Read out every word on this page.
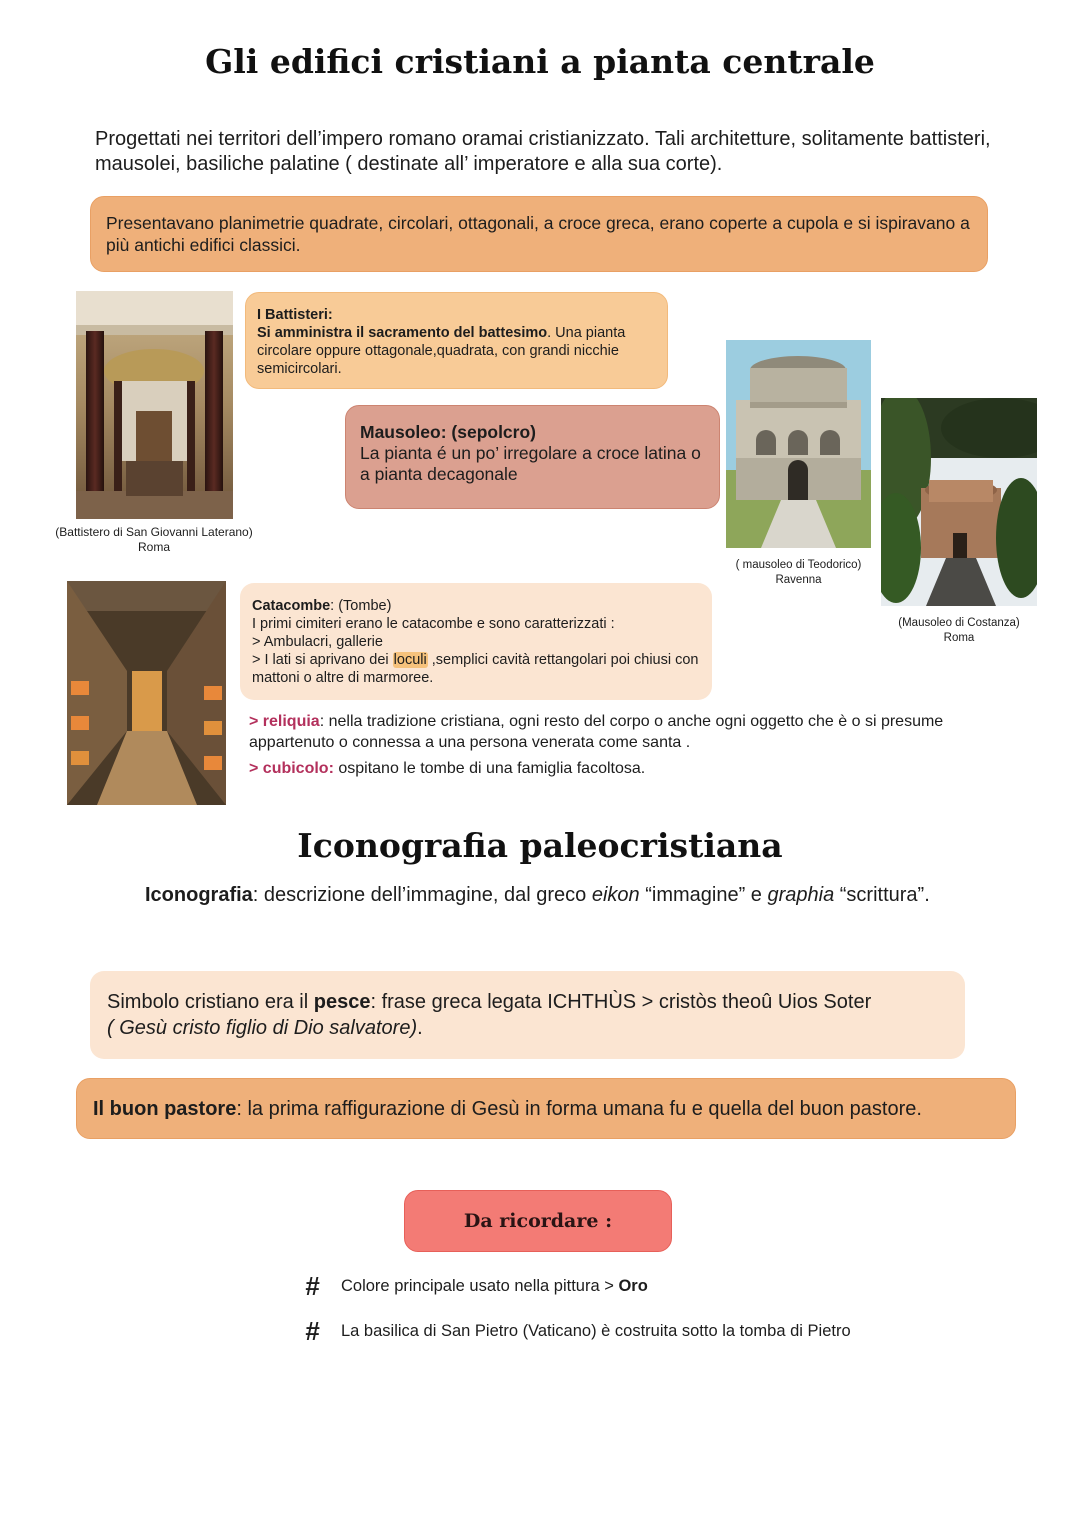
Gli edifici cristiani a pianta centrale
Progettati nei territori dell’impero romano oramai cristianizzato. Tali architetture, solitamente battisteri, mausolei, basiliche palatine ( destinate all’ imperatore e alla sua corte).
Presentavano planimetrie quadrate, circolari, ottagonali, a croce greca, erano coperte a cupola e si ispiravano a più antichi edifici classici.
(Battistero di San Giovanni Laterano)
Roma
I Battisteri:
Si amministra il sacramento del battesimo. Una pianta circolare oppure ottagonale,quadrata, con grandi nicchie semicircolari.
Mausoleo: (sepolcro)
La pianta é un po’ irregolare a croce latina o a pianta decagonale
( mausoleo di Teodorico)
Ravenna
(Mausoleo di Costanza)
Roma
Catacombe: (Tombe)
I primi cimiteri erano le catacombe e sono caratterizzati :
> Ambulacri, gallerie
> I lati si aprivano dei loculi ,semplici cavità rettangolari poi chiusi con mattoni o altre di marmoree.
> reliquia: nella tradizione cristiana, ogni resto del corpo o anche ogni oggetto che è o si presume appartenuto o connessa a una persona venerata come santa .
> cubicolo: ospitano le tombe di una famiglia facoltosa.
Iconografia paleocristiana
Iconografia: descrizione dell’immagine, dal greco eikon “immagine” e graphia “scrittura”.
Simbolo cristiano era il pesce: frase greca legata ICHTHÙS > cristòs theoû Uios Soter
( Gesù cristo figlio di Dio salvatore).
Il buon pastore: la prima raffigurazione di Gesù in forma umana fu e quella del buon pastore.
Da ricordare :
#	Colore principale usato nella pittura > Oro
#	La basilica di San Pietro (Vaticano) è costruita sotto la tomba di Pietro
